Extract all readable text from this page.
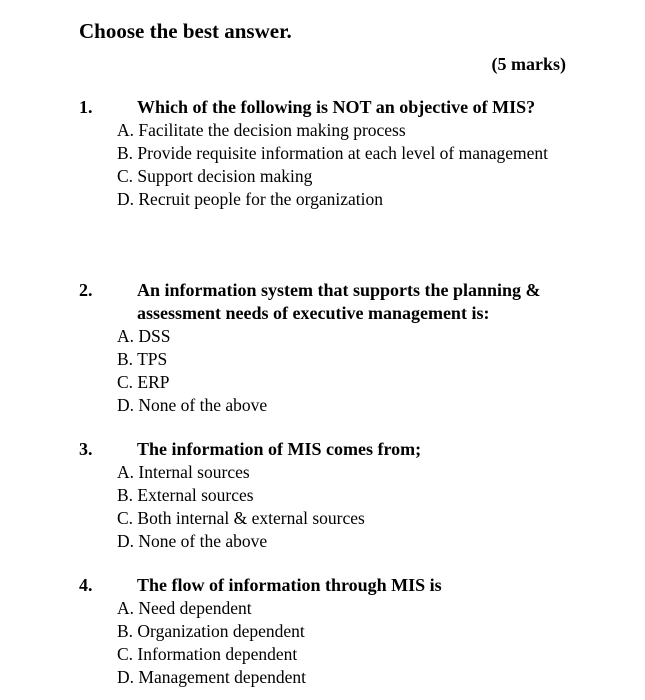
Choose the best answer.
(5 marks)
1.	Which of the following is NOT an objective of MIS?
A. Facilitate the decision making process
B. Provide requisite information at each level of management
C. Support decision making
D. Recruit people for the organization
2.	An information system that supports the planning & assessment needs of executive management is:
A. DSS
B. TPS
C. ERP
D. None of the above
3.	The information of MIS comes from;
A. Internal sources
B. External sources
C. Both internal & external sources
D. None of the above
4.	The flow of information through MIS is
A. Need dependent
B. Organization dependent
C. Information dependent
D. Management dependent
